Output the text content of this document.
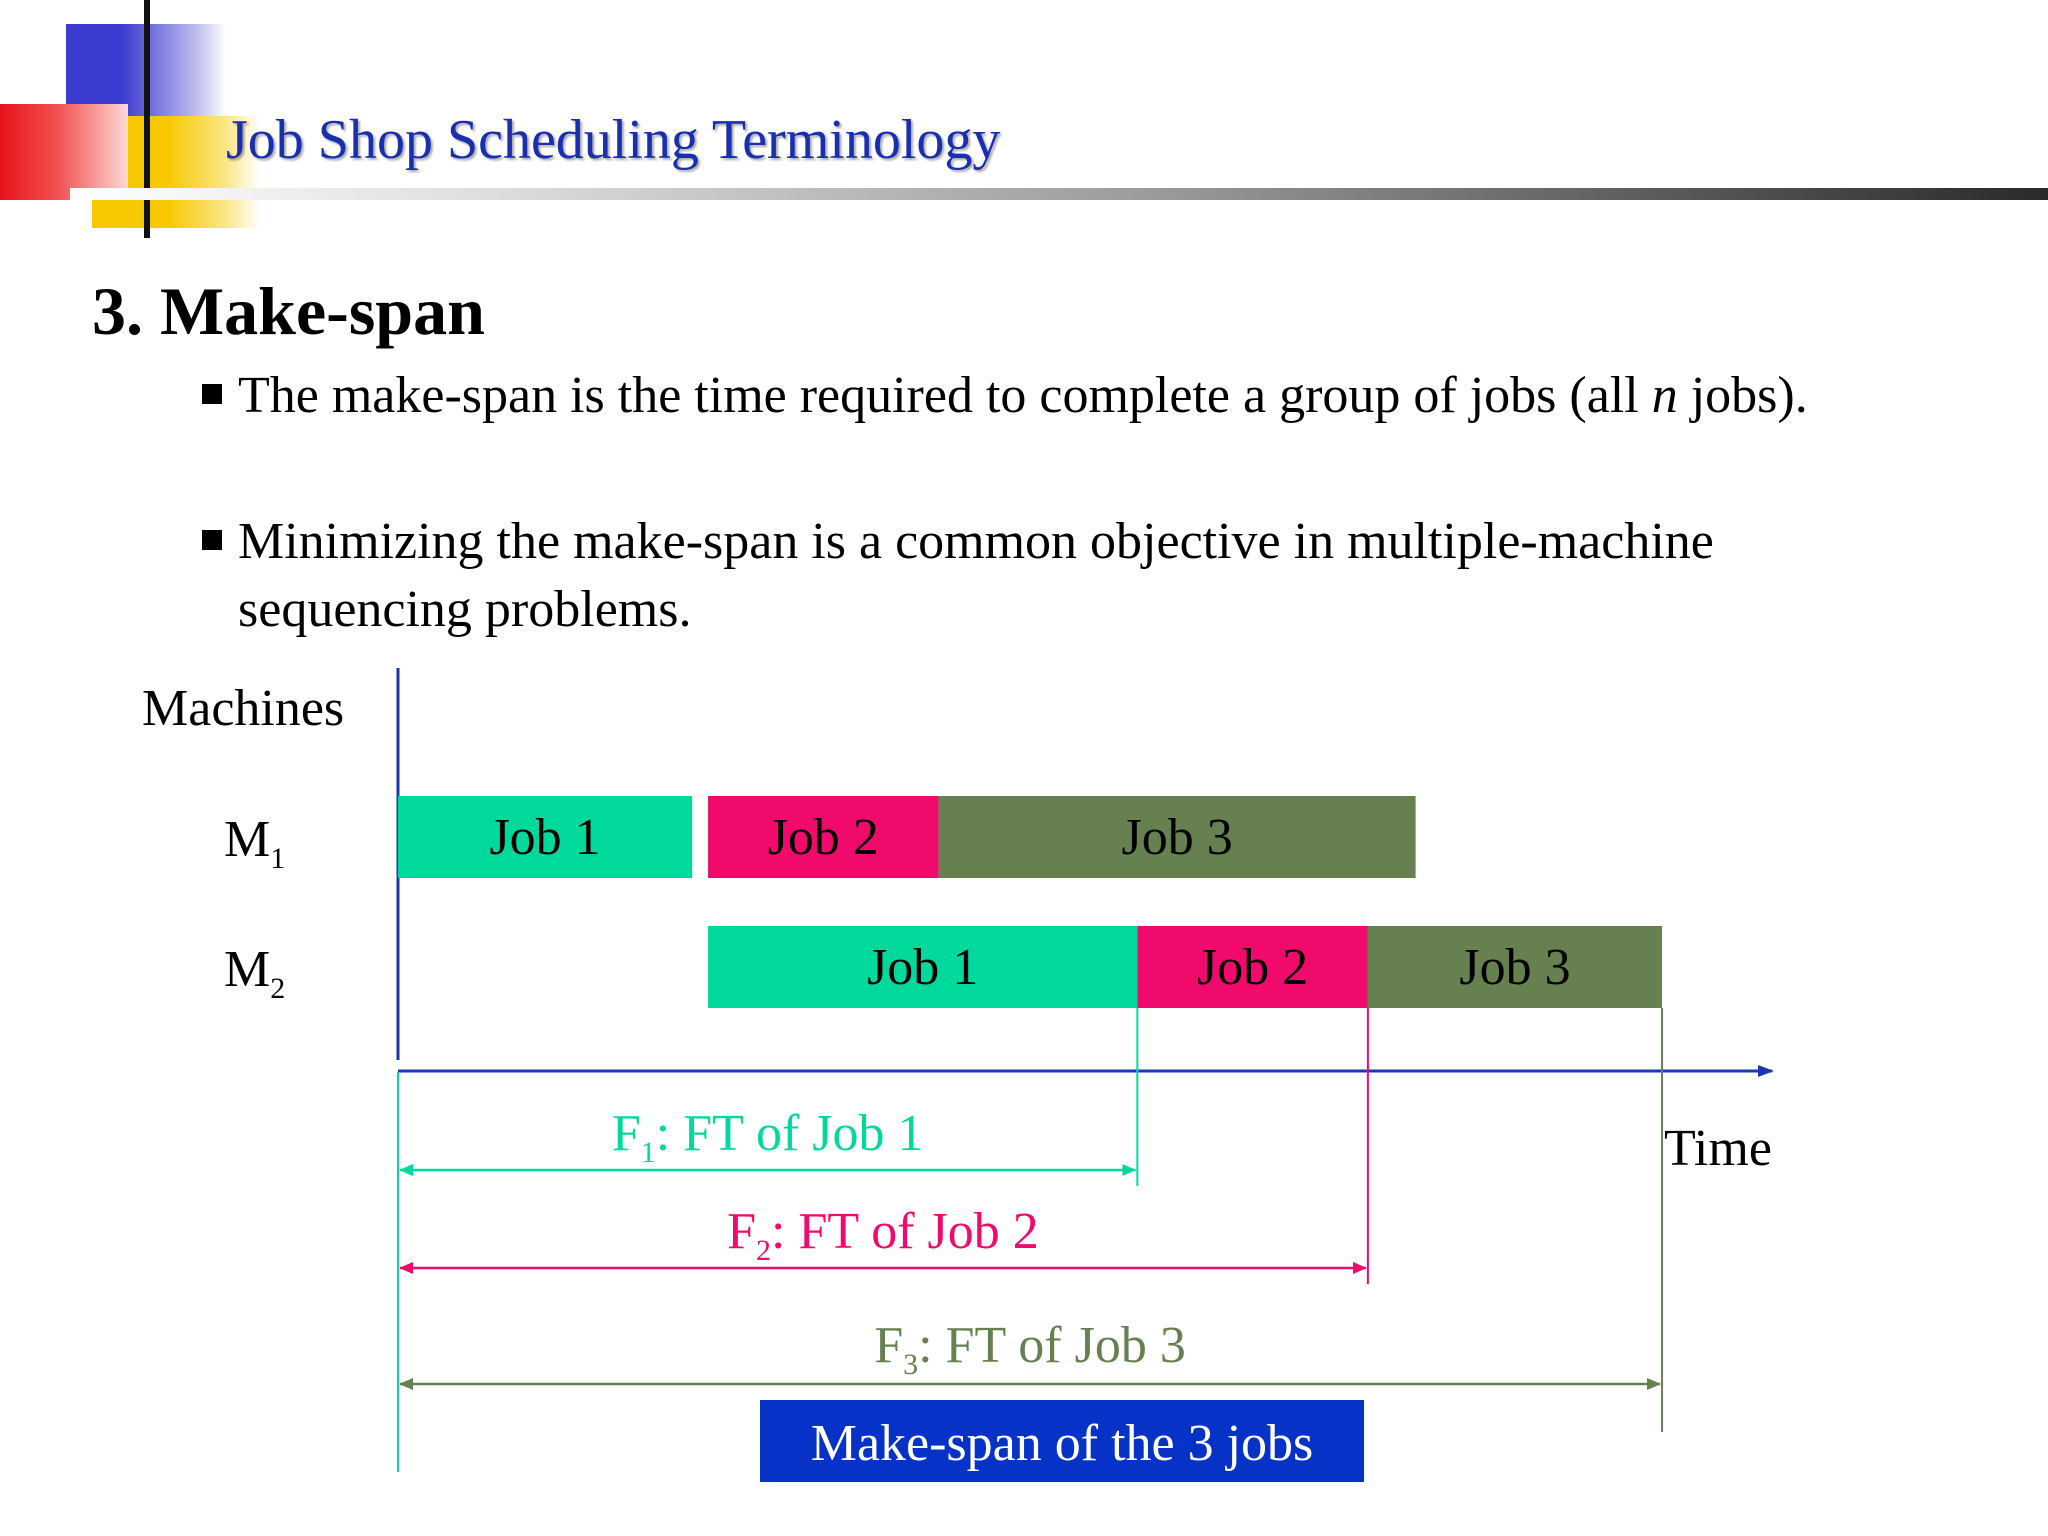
Job Shop Scheduling Terminology
3. Make-span
The make-span is the time required to complete a group of jobs (all n jobs).
Minimizing the make-span is a common objective in multiple-machine sequencing problems.
Machines
Time
$M_1$
$M_2$
Job 1	Job 2	Job 3
Job 1	Job 2	Job 3
$F_1$: FT of Job 1
$F_2$: FT of Job 2
$F_3$: FT of Job 3
Make-span of the 3 jobs
